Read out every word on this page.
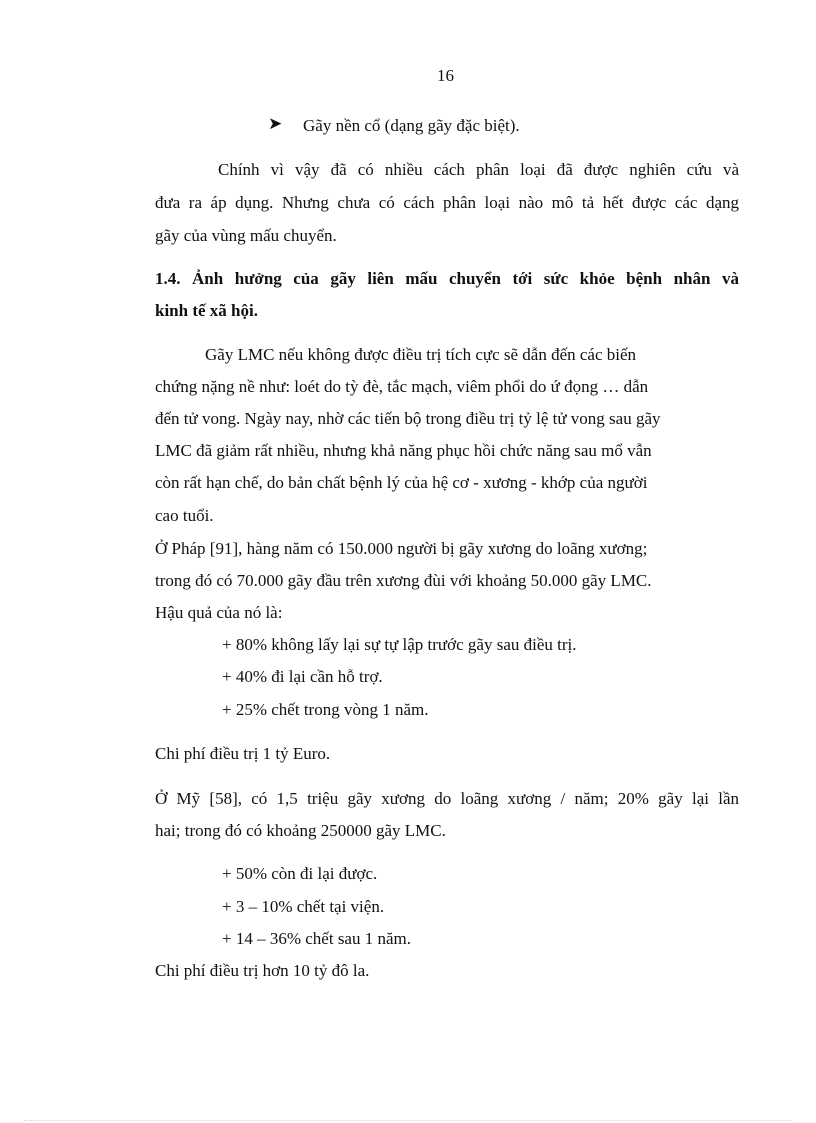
16
➤ Gãy nền cổ (dạng gãy đặc biệt).
Chính vì vậy đã có nhiều cách phân loại đã được nghiên cứu và
đưa ra áp dụng. Nhưng chưa có cách phân loại nào mô tả hết được các dạng
gãy của vùng mấu chuyển.
1.4. Ảnh hưởng của gãy liên mấu chuyển tới sức khỏe bệnh nhân và
kinh tế xã hội.
Gãy LMC nếu không được điều trị tích cực sẽ dẫn đến các biến
chứng nặng nề như: loét do tỳ đè, tắc mạch, viêm phổi do ứ đọng … dẫn
đến tử vong. Ngày nay, nhờ các tiến bộ trong điều trị tỷ lệ tử vong sau gãy
LMC đã giảm rất nhiều, nhưng khả năng phục hồi chức năng sau mổ vẫn
còn rất hạn chế, do bản chất bệnh lý của hệ cơ - xương - khớp của người
cao tuổi.
Ở Pháp [91], hàng năm có 150.000 người bị gãy xương do loãng xương;
trong đó có 70.000 gãy đầu trên xương đùi với khoảng 50.000 gãy LMC.
Hậu quả của nó là:
+ 80% không lấy lại sự tự lập trước gãy sau điều trị.
+ 40% đi lại cần hỗ trợ.
+ 25% chết trong vòng 1 năm.
Chi phí điều trị 1 tỷ Euro.
Ở Mỹ [58], có 1,5 triệu gãy xương do loãng xương / năm; 20% gãy lại lần
hai; trong đó có khoảng 250000 gãy LMC.
+ 50% còn đi lại được.
+ 3 – 10% chết tại viện.
+ 14 – 36% chết sau 1 năm.
Chi phí điều trị hơn 10 tỷ đô la.
